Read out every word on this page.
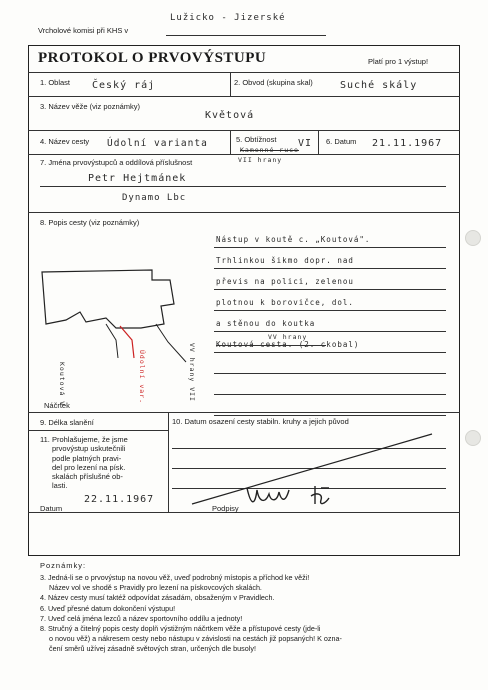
Vrcholové komisi při KHS v
Lužicko - Jizerské
PROTOKOL O PRVOVÝSTUPU	Platí pro 1 výstup!
1. Oblast Český ráj	2. Obvod (skupina skal)	Suché skály
3. Název věže (viz poznámky)
Květová
4. Název cesty Údolní varianta
Kamenné ruce
5. Obtížnost VI 6. Datum 21.11.1967
7. Jména prvovýstupců a oddílová příslušnost	VII hrany
Petr Hejtmánek
Dynamo Lbc
8. Popis cesty (viz poznámky)
Nástup v koutě c. „Koutová".
Trhlinkou šikmo dopr. nad
převis na polici, zelenou
plotnou k borovičce, dol.
a stěnou do koutka
VV hrany
Koutová cesta. (2. ckobal)
Koutová V	Údolní var.	VV hrany VII
Náčrtek
9. Délka slanění	10. Datum osazení cesty stabiln. kruhy a jejich původ
11. Prohlašujeme, že jsme
prvovýstup uskutečnili
podle platných pravi-
del pro lezení na písk.
skalách příslušné ob-
lasti.
Datum
22.11.1967
Podpisy
Poznámky:
3. Jedná-li se o prvovýstup na novou věž, uveď podrobný místopis a příchod ke věži!
Název vol ve shodě s Pravidly pro lezení na pískovcových skalách.
4. Název cesty musí taktéž odpovídat zásadám, obsaženým v Pravidlech.
6. Uveď přesné datum dokončení výstupu!
7. Uveď celá jména lezců a název sportovního oddílu a jednoty!
8. Stručný a čitelný popis cesty doplň výstižným náčrtkem věže a přístupové cesty (jde-li
o novou věž) a nákresem cesty nebo nástupu v závislosti na cestách již popsaných! K ozna-
čení směrů užívej zásadně světových stran, určených dle busoly!
